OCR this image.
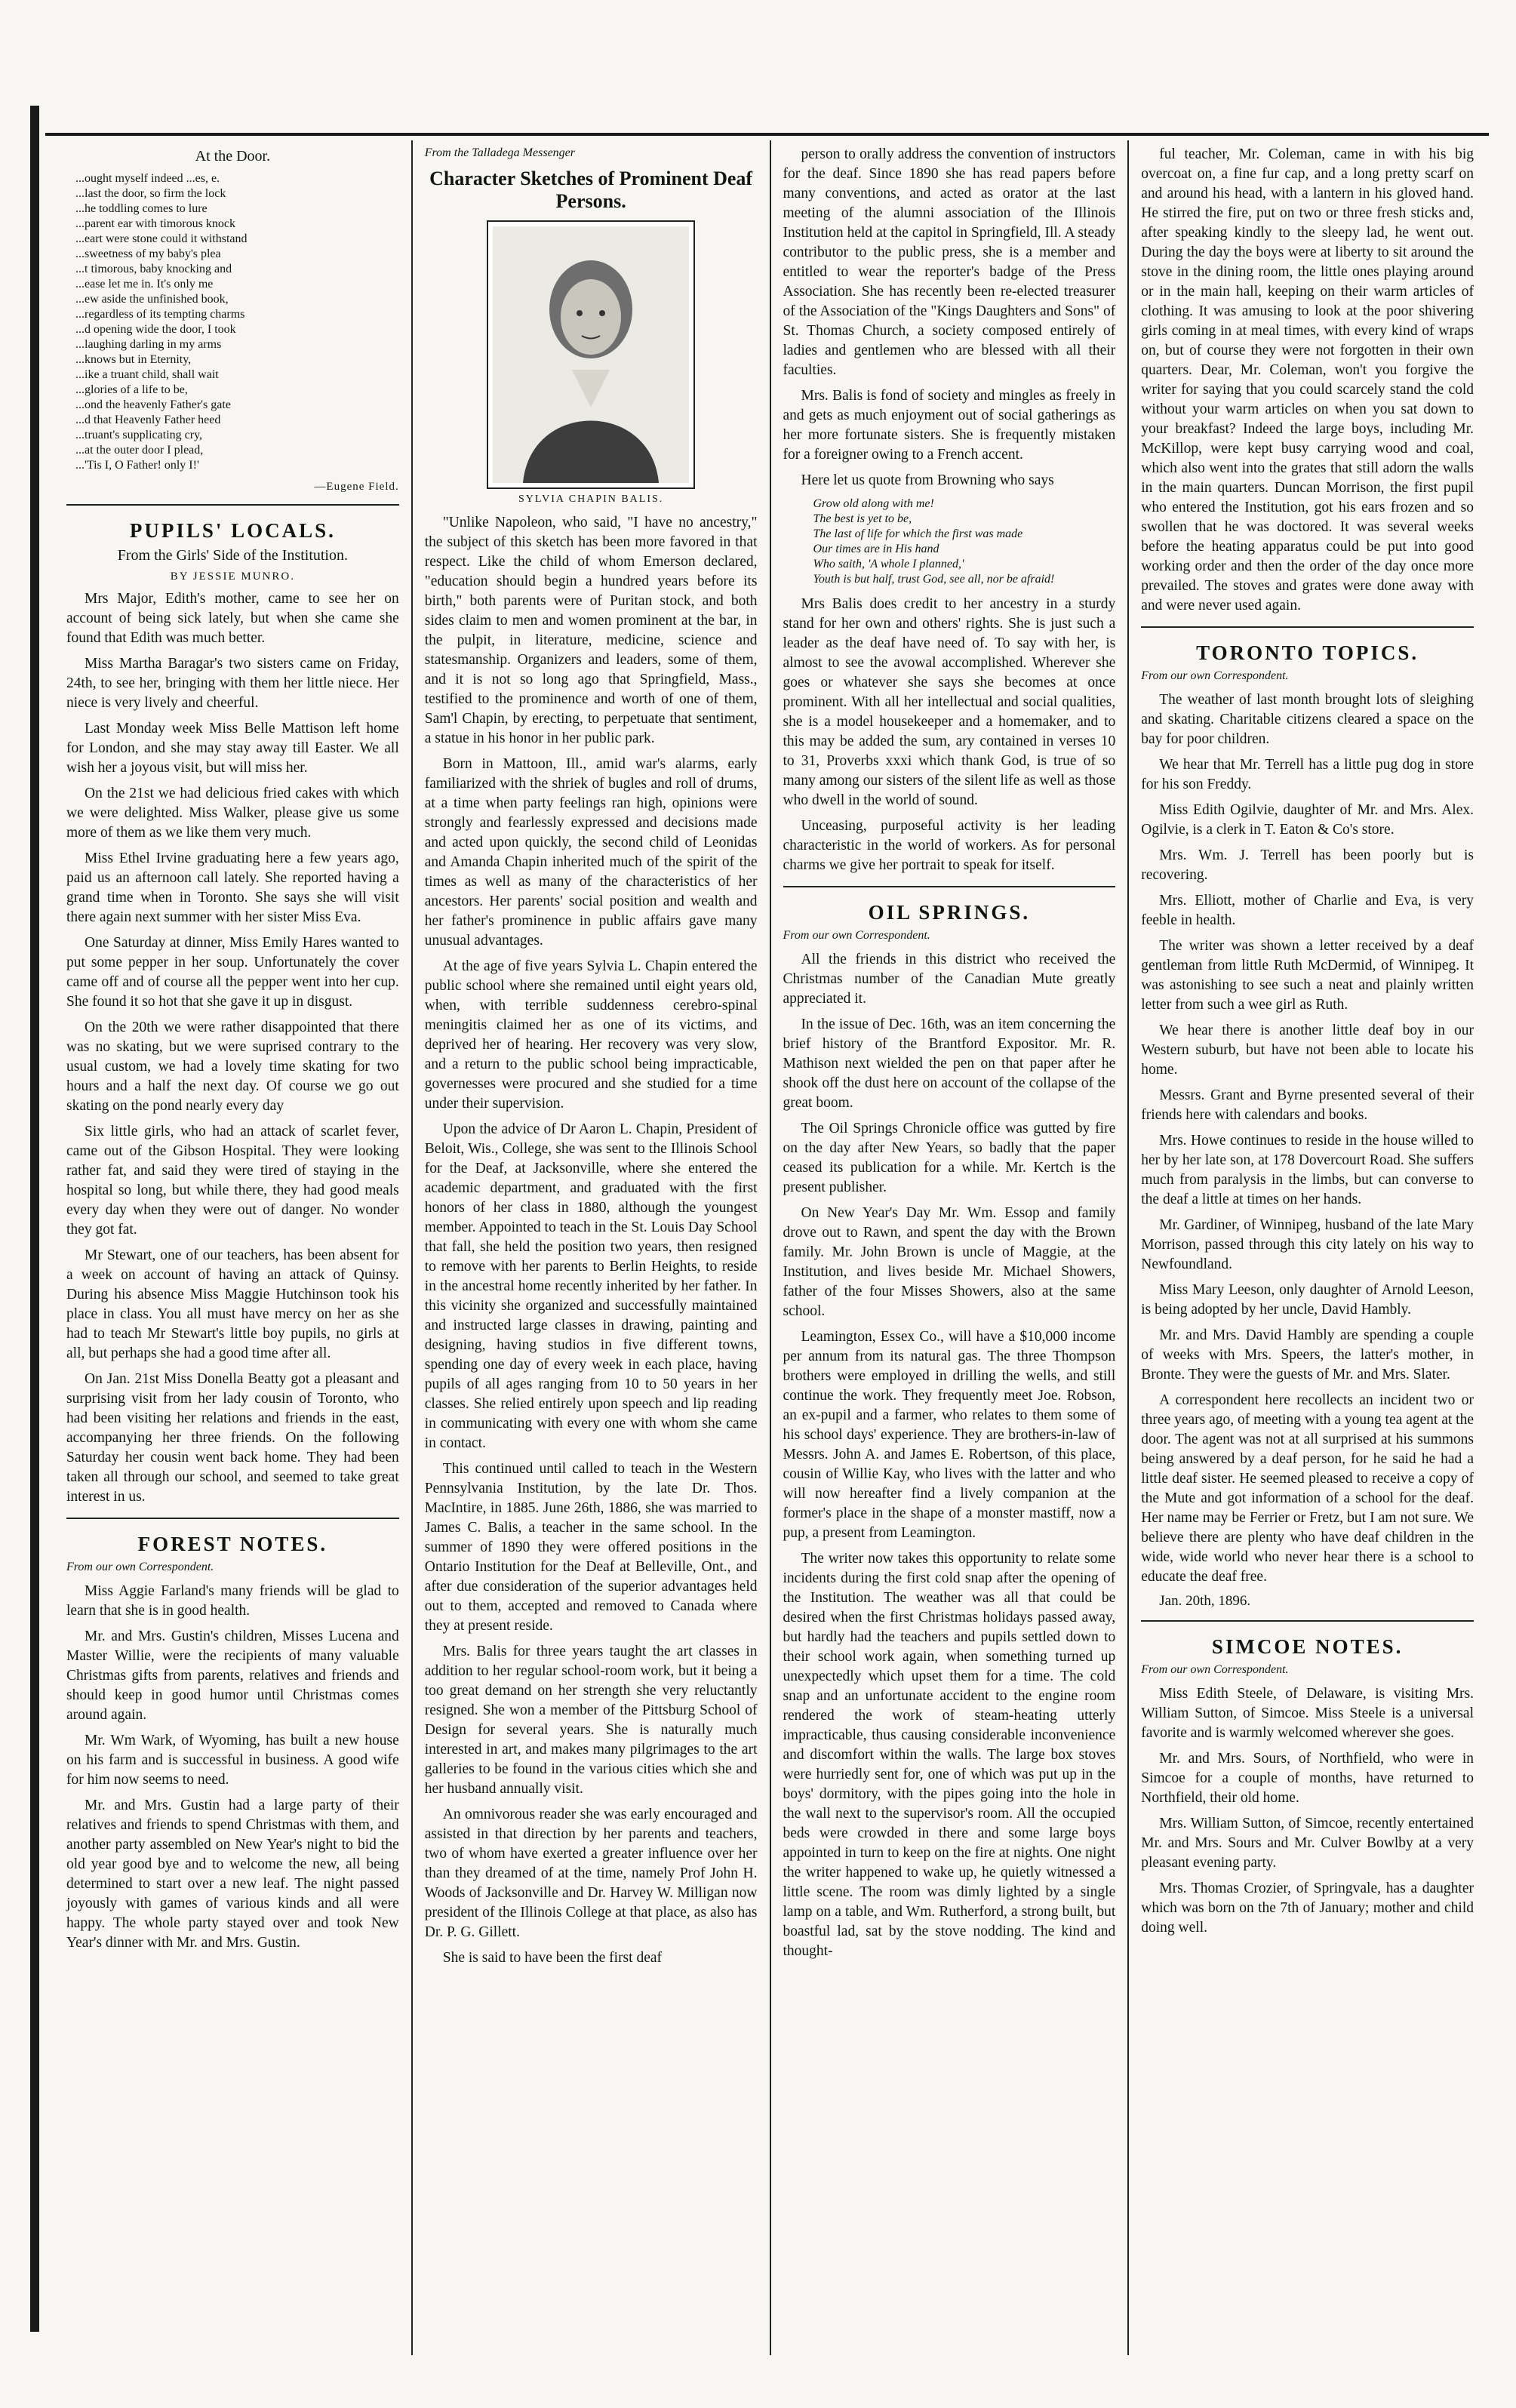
At the Door.
...ought myself indeed ...es, e.
...last the door, so firm the lock
...he toddling comes to lure
...parent ear with timorous knock
...eart were stone could it withstand
...sweetness of my baby's plea
...t timorous, baby knocking and
...ease let me in. It's only me
...ew aside the unfinished book,
...regardless of its tempting charms
...d opening wide the door, I took
...laughing darling in my arms
...knows but in Eternity,
...ike a truant child, shall wait
...glories of a life to be,
...ond the heavenly Father's gate
...d that Heavenly Father heed
...truant's supplicating cry,
...at the outer door I plead,
...'Tis I, O Father! only I!'
—Eugene Field.
PUPILS' LOCALS.
From the Girls' Side of the Institution.
BY JESSIE MUNRO.

Mrs Major, Edith's mother, came to see her on account of being sick lately, but when she came she found that Edith was much better.

Miss Martha Baragar's two sisters came on Friday, 24th, to see her, bringing with them her little niece. Her niece is very lively and cheerful.

Last Monday week Miss Belle Mattison left home for London, and she may stay away till Easter. We all wish her a joyous visit, but will miss her.

On the 21st we had delicious fried cakes with which we were delighted. Miss Walker, please give us some more of them as we like them very much.

Miss Ethel Irvine graduating here a few years ago, paid us an afternoon call lately. She reported having a grand time when in Toronto. She says she will visit there again next summer with her sister Miss Eva.

One Saturday at dinner, Miss Emily Hares wanted to put some pepper in her soup. Unfortunately the cover came off and of course all the pepper went into her cup. She found it so hot that she gave it up in disgust.

On the 20th we were rather disappointed that there was no skating, but we were suprised contrary to the usual custom, we had a lovely time skating for two hours and a half the next day. Of course we go out skating on the pond nearly every day

Six little girls, who had an attack of scarlet fever, came out of the Gibson Hospital. They were looking rather fat, and said they were tired of staying in the hospital so long, but while there, they had good meals every day when they were out of danger. No wonder they got fat.

Mr Stewart, one of our teachers, has been absent for a week on account of having an attack of Quinsy. During his absence Miss Maggie Hutchinson took his place in class. You all must have mercy on her as she had to teach Mr Stewart's little boy pupils, no girls at all, but perhaps she had a good time after all.

On Jan. 21st Miss Donella Beatty got a pleasant and surprising visit from her lady cousin of Toronto, who had been visiting her relations and friends in the east, accompanying her three friends. On the following Saturday her cousin went back home. They had been taken all through our school, and seemed to take great interest in us.

FOREST NOTES.
From our own Correspondent.

Miss Aggie Farland's many friends will be glad to learn that she is in good health.

Mr. and Mrs. Gustin's children, Misses Lucena and Master Willie, were the recipients of many valuable Christmas gifts from parents, relatives and friends and should keep in good humor until Christmas comes around again.

Mr. Wm Wark, of Wyoming, has built a new house on his farm and is successful in business. A good wife for him now seems to need.

Mr. and Mrs. Gustin had a large party of their relatives and friends to spend Christmas with them, and another party assembled on New Year's night to bid the old year good bye and to welcome the new, all being determined to start over a new leaf. The night passed joyously with games of various kinds and all were happy. The whole party stayed over and took New Year's dinner with Mr. and Mrs. Gustin.

From the Talladega Messenger
Character Sketches of Prominent Deaf Persons.
SYLVIA CHAPIN BALIS.

"Unlike Napoleon, who said, "I have no ancestry," the subject of this sketch has been more favored in that respect. Like the child of whom Emerson declared, "education should begin a hundred years before its birth," both parents were of Puritan stock, and both sides claim to men and women prominent at the bar, in the pulpit, in literature, medicine, science and statesmanship. Organizers and leaders, some of them, and it is not so long ago that Springfield, Mass., testified to the prominence and worth of one of them, Sam'l Chapin, by erecting, to perpetuate that sentiment, a statue in his honor in her public park.

Born in Mattoon, Ill., amid war's alarms, early familiarized with the shriek of bugles and roll of drums, at a time when party feelings ran high, opinions were strongly and fearlessly expressed and decisions made and acted upon quickly, the second child of Leonidas and Amanda Chapin inherited much of the spirit of the times as well as many of the characteristics of her ancestors. Her parents' social position and wealth and her father's prominence in public affairs gave many unusual advantages.

At the age of five years Sylvia L. Chapin entered the public school where she remained until eight years old, when, with terrible suddenness cerebro-spinal meningitis claimed her as one of its victims, and deprived her of hearing. Her recovery was very slow, and a return to the public school being impracticable, governesses were procured and she studied for a time under their supervision.

Upon the advice of Dr Aaron L. Chapin, President of Beloit, Wis., College, she was sent to the Illinois School for the Deaf, at Jacksonville, where she entered the academic department, and graduated with the first honors of her class in 1880, although the youngest member. Appointed to teach in the St. Louis Day School that fall, she held the position two years, then resigned to remove with her parents to Berlin Heights, to reside in the ancestral home recently inherited by her father. In this vicinity she organized and successfully maintained and instructed large classes in drawing, painting and designing, having studios in five different towns, spending one day of every week in each place, having pupils of all ages ranging from 10 to 50 years in her classes. She relied entirely upon speech and lip reading in communicating with every one with whom she came in contact.

This continued until called to teach in the Western Pennsylvania Institution, by the late Dr. Thos. MacIntire, in 1885. June 26th, 1886, she was married to James C. Balis, a teacher in the same school. In the summer of 1890 they were offered positions in the Ontario Institution for the Deaf at Belleville, Ont., and after due consideration of the superior advantages held out to them, accepted and removed to Canada where they at present reside.

Mrs. Balis for three years taught the art classes in addition to her regular school-room work, but it being a too great demand on her strength she very reluctantly resigned. She won a member of the Pittsburg School of Design for several years. She is naturally much interested in art, and makes many pilgrimages to the art galleries to be found in the various cities which she and her husband annually visit.

An omnivorous reader she was early encouraged and assisted in that direction by her parents and teachers, two of whom have exerted a greater influence over her than they dreamed of at the time, namely Prof John H. Woods of Jacksonville and Dr. Harvey W. Milligan now president of the Illinois College at that place, as also has Dr. P. G. Gillett.

She is said to have been the first deaf

person to orally address the convention of instructors for the deaf. Since 1890 she has read papers before many conventions, and acted as orator at the last meeting of the alumni association of the Illinois Institution held at the capitol in Springfield, Ill. A steady contributor to the public press, she is a member and entitled to wear the reporter's badge of the Press Association. She has recently been re-elected treasurer of the Association of the "Kings Daughters and Sons" of St. Thomas Church, a society composed entirely of ladies and gentlemen who are blessed with all their faculties.

Mrs. Balis is fond of society and mingles as freely in and gets as much enjoyment out of social gatherings as her more fortunate sisters. She is frequently mistaken for a foreigner owing to a French accent.

Here let us quote from Browning who says

Grow old along with me!
The best is yet to be,
The last of life for which the first was made
Our times are in His hand
Who saith, 'A whole I planned,'
Youth is but half, trust God, see all, nor be afraid!

Mrs Balis does credit to her ancestry in a sturdy stand for her own and others' rights. She is just such a leader as the deaf have need of. To say with her, is almost to see the avowal accomplished. Wherever she goes or whatever she says she becomes at once prominent. With all her intellectual and social qualities, she is a model housekeeper and a homemaker, and to this may be added the sum, ary contained in verses 10 to 31, Proverbs xxxi which thank God, is true of so many among our sisters of the silent life as well as those who dwell in the world of sound.

Unceasing, purposeful activity is her leading characteristic in the world of workers. As for personal charms we give her portrait to speak for itself.

OIL SPRINGS.
From our own Correspondent.

All the friends in this district who received the Christmas number of the Canadian Mute greatly appreciated it.

In the issue of Dec. 16th, was an item concerning the brief history of the Brantford Expositor. Mr. R. Mathison next wielded the pen on that paper after he shook off the dust here on account of the collapse of the great boom.

The Oil Springs Chronicle office was gutted by fire on the day after New Years, so badly that the paper ceased its publication for a while. Mr. Kertch is the present publisher.

On New Year's Day Mr. Wm. Essop and family drove out to Rawn, and spent the day with the Brown family. Mr. John Brown is uncle of Maggie, at the Institution, and lives beside Mr. Michael Showers, father of the four Misses Showers, also at the same school.

Leamington, Essex Co., will have a $10,000 income per annum from its natural gas. The three Thompson brothers were employed in drilling the wells, and still continue the work. They frequently meet Joe. Robson, an ex-pupil and a farmer, who relates to them some of his school days' experience. They are brothers-in-law of Messrs. John A. and James E. Robertson, of this place, cousin of Willie Kay, who lives with the latter and who will now hereafter find a lively companion at the former's place in the shape of a monster mastiff, now a pup, a present from Leamington.

The writer now takes this opportunity to relate some incidents during the first cold snap after the opening of the Institution. The weather was all that could be desired when the first Christmas holidays passed away, but hardly had the teachers and pupils settled down to their school work again, when something turned up unexpectedly which upset them for a time. The cold snap and an unfortunate accident to the engine room rendered the work of steam-heating utterly impracticable, thus causing considerable inconvenience and discomfort within the walls. The large box stoves were hurriedly sent for, one of which was put up in the boys' dormitory, with the pipes going into the hole in the wall next to the supervisor's room. All the occupied beds were crowded in there and some large boys appointed in turn to keep on the fire at nights. One night the writer happened to wake up, he quietly witnessed a little scene. The room was dimly lighted by a single lamp on a table, and Wm. Rutherford, a strong built, but boastful lad, sat by the stove nodding. The kind and thought-

ful teacher, Mr. Coleman, came in with his big overcoat on, a fine fur cap, and a long pretty scarf on and around his head, with a lantern in his gloved hand. He stirred the fire, put on two or three fresh sticks and, after speaking kindly to the sleepy lad, he went out. During the day the boys were at liberty to sit around the stove in the dining room, the little ones playing around or in the main hall, keeping on their warm articles of clothing. It was amusing to look at the poor shivering girls coming in at meal times, with every kind of wraps on, but of course they were not forgotten in their own quarters. Dear, Mr. Coleman, won't you forgive the writer for saying that you could scarcely stand the cold without your warm articles on when you sat down to your breakfast? Indeed the large boys, including Mr. McKillop, were kept busy carrying wood and coal, which also went into the grates that still adorn the walls in the main quarters. Duncan Morrison, the first pupil who entered the Institution, got his ears frozen and so swollen that he was doctored. It was several weeks before the heating apparatus could be put into good working order and then the order of the day once more prevailed. The stoves and grates were done away with and were never used again.

TORONTO TOPICS.
From our own Correspondent.

The weather of last month brought lots of sleighing and skating. Charitable citizens cleared a space on the bay for poor children.

We hear that Mr. Terrell has a little pug dog in store for his son Freddy.

Miss Edith Ogilvie, daughter of Mr. and Mrs. Alex. Ogilvie, is a clerk in T. Eaton & Co's store.

Mrs. Wm. J. Terrell has been poorly but is recovering.

Mrs. Elliott, mother of Charlie and Eva, is very feeble in health.

The writer was shown a letter received by a deaf gentleman from little Ruth McDermid, of Winnipeg. It was astonishing to see such a neat and plainly written letter from such a wee girl as Ruth.

We hear there is another little deaf boy in our Western suburb, but have not been able to locate his home.

Messrs. Grant and Byrne presented several of their friends here with calendars and books.

Mrs. Howe continues to reside in the house willed to her by her late son, at 178 Dovercourt Road. She suffers much from paralysis in the limbs, but can converse to the deaf a little at times on her hands.

Mr. Gardiner, of Winnipeg, husband of the late Mary Morrison, passed through this city lately on his way to Newfoundland.

Miss Mary Leeson, only daughter of Arnold Leeson, is being adopted by her uncle, David Hambly.

Mr. and Mrs. David Hambly are spending a couple of weeks with Mrs. Speers, the latter's mother, in Bronte. They were the guests of Mr. and Mrs. Slater.

A correspondent here recollects an incident two or three years ago, of meeting with a young tea agent at the door. The agent was not at all surprised at his summons being answered by a deaf person, for he said he had a little deaf sister. He seemed pleased to receive a copy of the Mute and got information of a school for the deaf. Her name may be Ferrier or Fretz, but I am not sure. We believe there are plenty who have deaf children in the wide, wide world who never hear there is a school to educate the deaf free.

Jan. 20th, 1896.
SIMCOE NOTES.
From our own Correspondent.

Miss Edith Steele, of Delaware, is visiting Mrs. William Sutton, of Simcoe. Miss Steele is a universal favorite and is warmly welcomed wherever she goes.

Mr. and Mrs. Sours, of Northfield, who were in Simcoe for a couple of months, have returned to Northfield, their old home.

Mrs. William Sutton, of Simcoe, recently entertained Mr. and Mrs. Sours and Mr. Culver Bowlby at a very pleasant evening party.

Mrs. Thomas Crozier, of Springvale, has a daughter which was born on the 7th of January; mother and child doing well.
